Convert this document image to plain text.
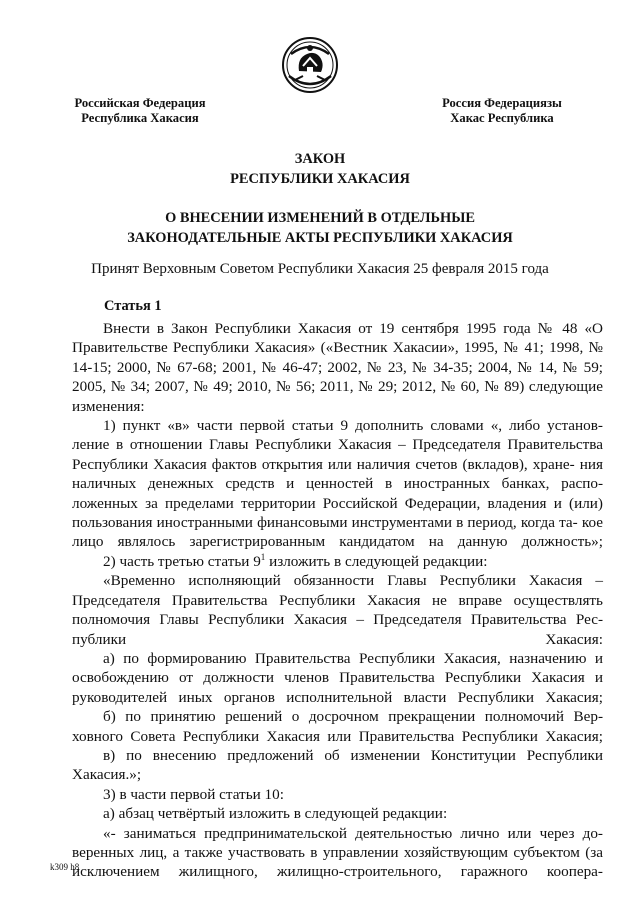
Российская Федерация
Республика Хакасия
Россия Федерациязы
Хакас Республика
ЗАКОН
РЕСПУБЛИКИ ХАКАСИЯ
О ВНЕСЕНИИ ИЗМЕНЕНИЙ В ОТДЕЛЬНЫЕ
ЗАКОНОДАТЕЛЬНЫЕ АКТЫ РЕСПУБЛИКИ ХАКАСИЯ
Принят Верховным Советом Республики Хакасия 25 февраля 2015 года
Статья 1

Внести в Закон Республики Хакасия от 19 сентября 1995 года № 48 «О Правительстве Республики Хакасия» («Вестник Хакасии», 1995, № 41; 1998, № 14-15; 2000, № 67-68; 2001, № 46-47; 2002, № 23, № 34-35; 2004, № 14, № 59; 2005, № 34; 2007, № 49; 2010, № 56; 2011, № 29; 2012, № 60, № 89) следующие изменения:

1) пункт «в» части первой статьи 9 дополнить словами «, либо установ- ление в отношении Главы Республики Хакасия – Председателя Правительства Республики Хакасия фактов открытия или наличия счетов (вкладов), хране- ния наличных денежных средств и ценностей в иностранных банках, распо- ложенных за пределами территории Российской Федерации, владения и (или) пользования иностранными финансовыми инструментами в период, когда та- кое лицо являлось зарегистрированным кандидатом на данную должность»;

2) часть третью статьи $9^1$ изложить в следующей редакции:

«Временно исполняющий обязанности Главы Республики Хакасия – Председателя Правительства Республики Хакасия не вправе осуществлять полномочия Главы Республики Хакасия – Председателя Правительства Рес- публики Хакасия:

а) по формированию Правительства Республики Хакасия, назначению и освобождению от должности членов Правительства Республики Хакасия и руководителей иных органов исполнительной власти Республики Хакасия;

б) по принятию решений о досрочном прекращении полномочий Вер- ховного Совета Республики Хакасия или Правительства Республики Хакасия;

в) по внесению предложений об изменении Конституции Республики Хакасия.»;

3) в части первой статьи 10:

а) абзац четвёртый изложить в следующей редакции:

«- заниматься предпринимательской деятельностью лично или через до- веренных лиц, а также участвовать в управлении хозяйствующим субъектом (за исключением жилищного, жилищно-строительного, гаражного коопера-

k309 h8
